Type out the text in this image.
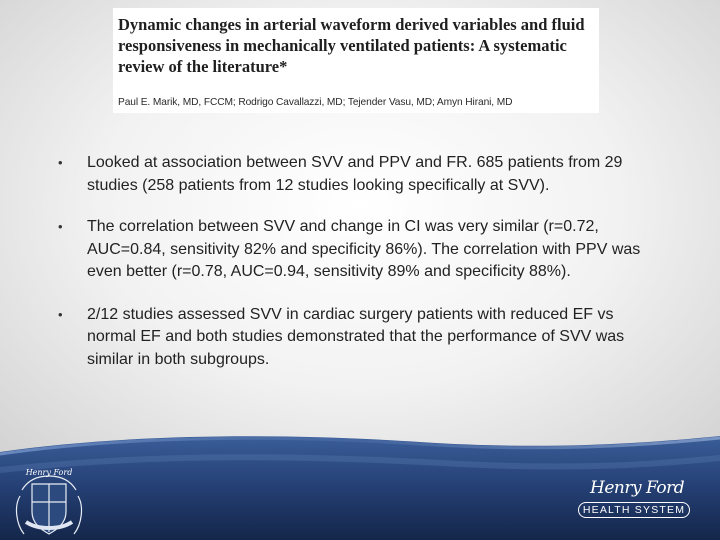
Dynamic changes in arterial waveform derived variables and fluid responsiveness in mechanically ventilated patients: A systematic review of the literature*

Paul E. Marik, MD, FCCM; Rodrigo Cavallazzi, MD; Tejender Vasu, MD; Amyn Hirani, MD
• Looked at association between SVV and PPV and FR. 685 patients from 29 studies (258 patients from 12 studies looking specifically at SVV).
• The correlation between SVV and change in CI was very similar (r=0.72, AUC=0.84, sensitivity 82% and specificity 86%). The correlation with PPV was even better (r=0.78, AUC=0.94, sensitivity 89% and specificity 88%).
• 2/12 studies assessed SVV in cardiac surgery patients with reduced EF vs normal EF and both studies demonstrated that the performance of SVV was similar in both subgroups.
Henry Ford
Henry Ford
HEALTH SYSTEM
